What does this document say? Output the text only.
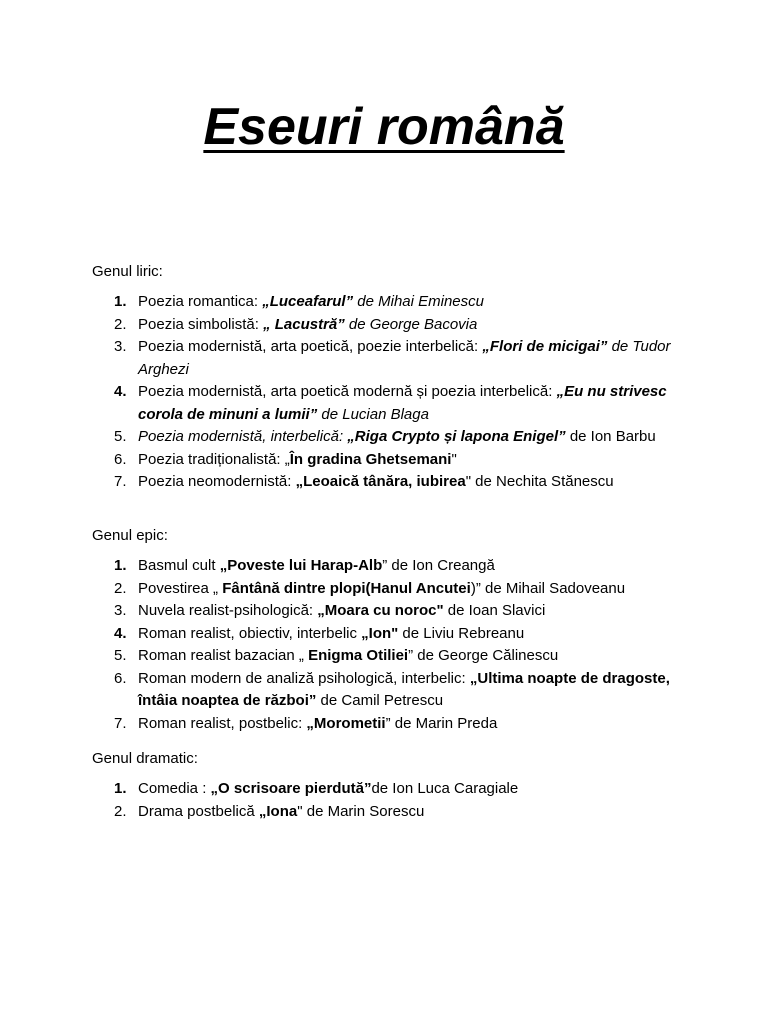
Eseuri română

Genul liric:

1. Poezia romantica: „Luceafarul” de Mihai Eminescu
2. Poezia simbolistă: „ Lacustră” de George Bacovia
3. Poezia modernistă, arta poetică, poezie interbelică: „Flori de micigai” de Tudor Arghezi
4. Poezia modernistă, arta poetică modernă și poezia interbelică: „Eu nu strivesc corola de minuni a lumii” de Lucian Blaga
5. Poezia modernistă, interbelică: „Riga Crypto și lapona Enigel” de Ion Barbu
6. Poezia tradiționalistă: „În gradina Ghetsemani"
7. Poezia neomodernistă: „Leoaică tânăra, iubirea" de Nechita Stănescu

Genul epic:

1. Basmul cult „Poveste lui Harap-Alb” de Ion Creangă
2. Povestirea „ Fântână dintre plopi(Hanul Ancutei)” de Mihail Sadoveanu
3. Nuvela realist-psihologică: „Moara cu noroc" de Ioan Slavici
4. Roman realist, obiectiv, interbelic „Ion" de Liviu Rebreanu
5. Roman realist bazacian „ Enigma Otiliei” de George Călinescu
6. Roman modern de analiză psihologică, interbelic: „Ultima noapte de dragoste, întâia noaptea de război” de Camil Petrescu
7. Roman realist, postbelic: „Morometii” de Marin Preda

Genul dramatic:

1. Comedia : „O scrisoare pierdută”de Ion Luca Caragiale
2. Drama postbelică „Iona" de Marin Sorescu
